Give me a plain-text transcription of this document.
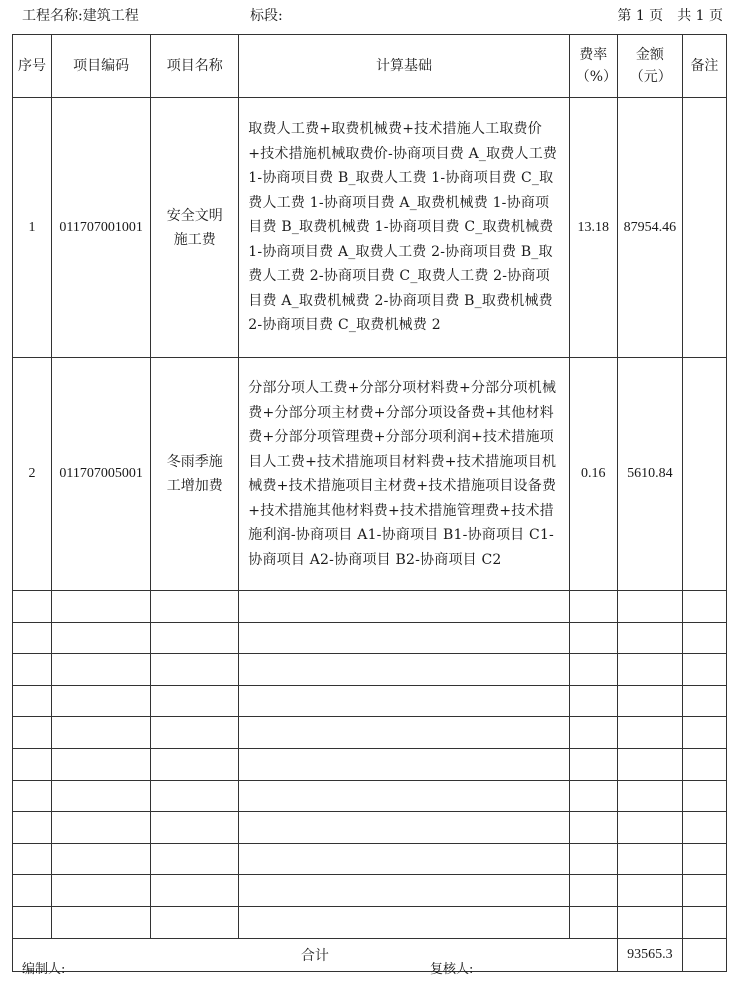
工程名称:建筑工程	标段:	第 1 页 共 1 页
序号	项目编码	项目名称	计算基础	费率（%）	金额（元）	备注
1	011707001001	安全文明施工费	取费人工费+取费机械费+技术措施人工取费价+技术措施机械取费价-协商项目费 A_取费人工费 1-协商项目费 B_取费人工费 1-协商项目费 C_取费人工费 1-协商项目费 A_取费机械费 1-协商项目费 B_取费机械费 1-协商项目费 C_取费机械费 1-协商项目费 A_取费人工费 2-协商项目费 B_取费人工费 2-协商项目费 C_取费人工费 2-协商项目费 A_取费机械费 2-协商项目费 B_取费机械费 2-协商项目费 C_取费机械费 2	13.18	87954.46	
2	011707005001	冬雨季施工增加费	分部分项人工费+分部分项材料费+分部分项机械费+分部分项主材费+分部分项设备费+其他材料费+分部分项管理费+分部分项利润+技术措施项目人工费+技术措施项目材料费+技术措施项目机械费+技术措施项目主材费+技术措施项目设备费+技术措施其他材料费+技术措施管理费+技术措施利润-协商项目 A1-协商项目 B1-协商项目 C1-协商项目 A2-协商项目 B2-协商项目 C2	0.16	5610.84	

合计					93565.3	
编制人:	复核人:
